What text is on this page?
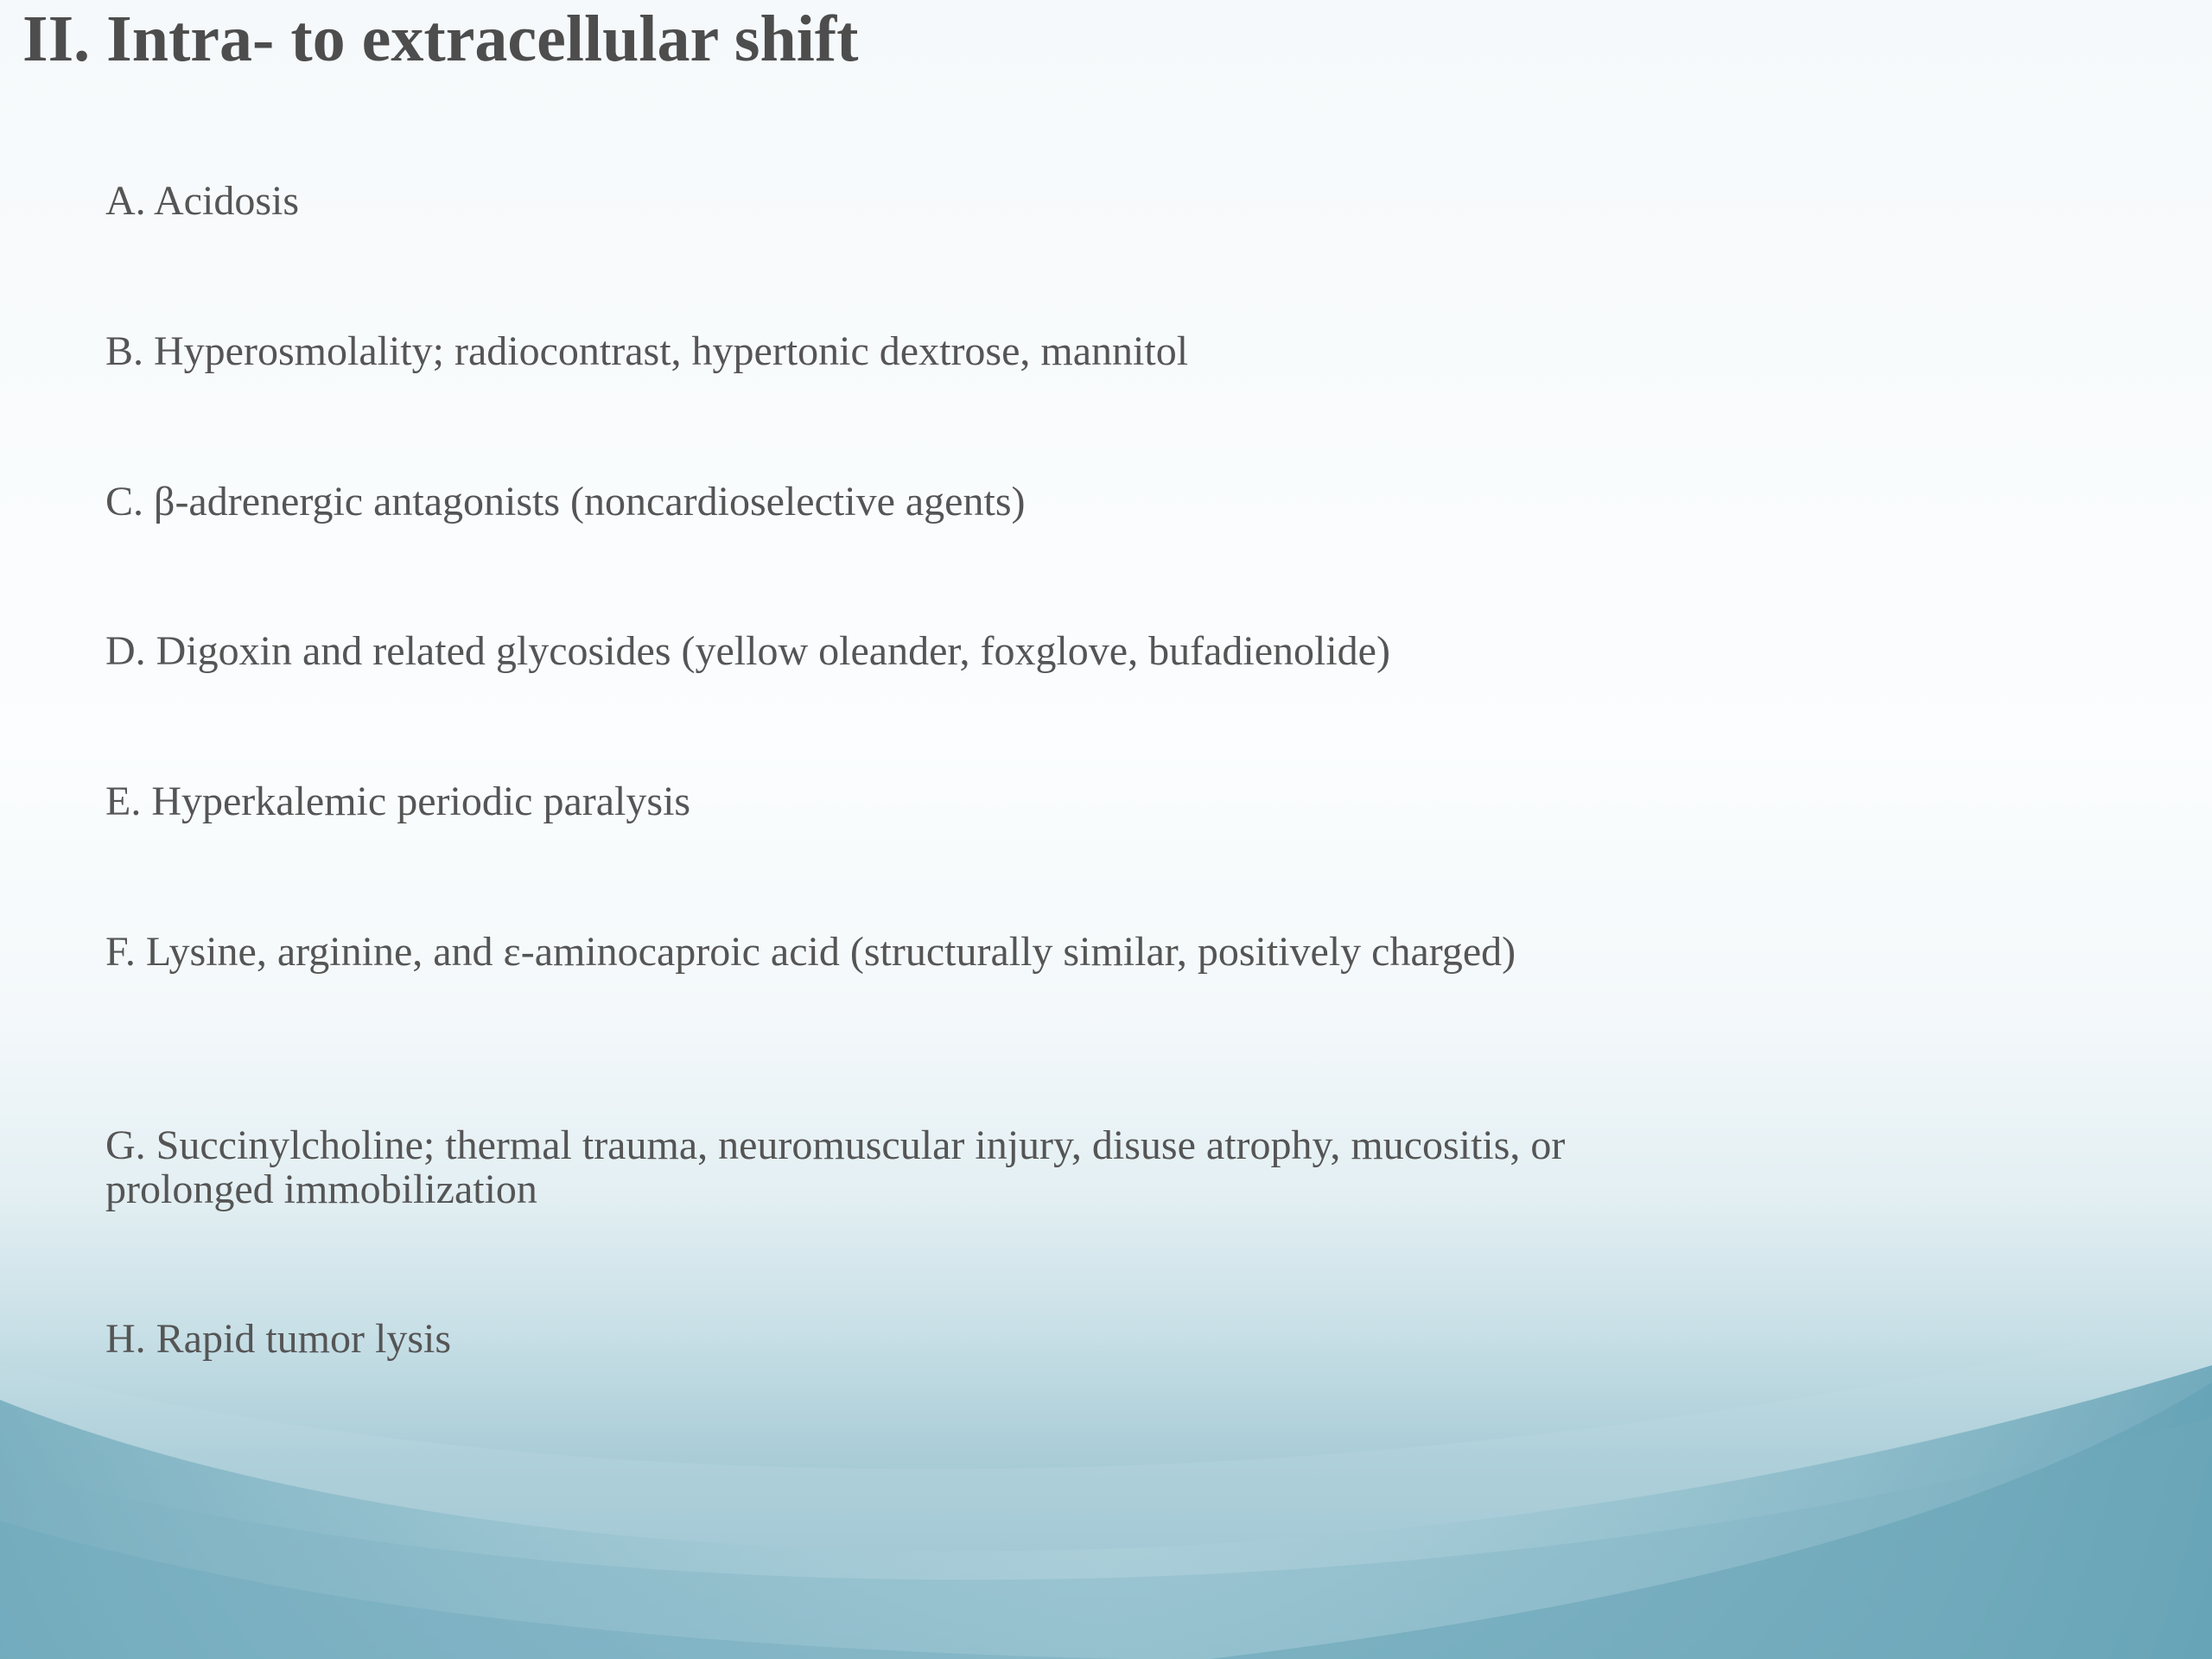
II. Intra- to extracellular shift
A. Acidosis
B. Hyperosmolality; radiocontrast, hypertonic dextrose, mannitol
C. β-adrenergic antagonists (noncardioselective agents)
D. Digoxin and related glycosides (yellow oleander, foxglove, bufadienolide)
E. Hyperkalemic periodic paralysis
F. Lysine, arginine, and ε-aminocaproic acid (structurally similar, positively charged)
G. Succinylcholine; thermal trauma, neuromuscular injury, disuse atrophy, mucositis, or prolonged immobilization
H. Rapid tumor lysis
